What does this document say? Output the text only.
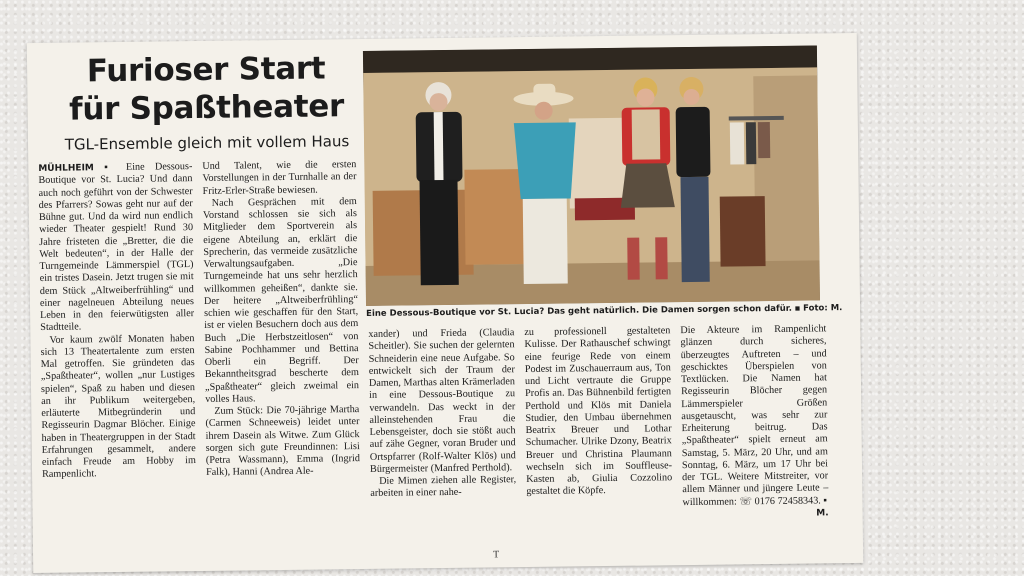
Furioser Start
für Spaßtheater
TGL-Ensemble gleich mit vollem Haus
Eine Dessous-Boutique vor St. Lucia? Das geht natürlich. Die Damen sorgen schon dafür. ▪ Foto: M.

MÜHLHEIM ▪ Eine Dessous-Boutique vor St. Lucia? Und dann auch noch geführt von der Schwester des Pfarrers? Sowas geht nur auf der Bühne gut. Und da wird nun endlich wieder Theater gespielt! Rund 30 Jahre fristeten die „Bretter, die die Welt bedeuten“, in der Halle der Turngemeinde Lämmerspiel (TGL) ein tristes Dasein. Jetzt trugen sie mit dem Stück „Altweiberfrühling“ und einer nagelneuen Abteilung neues Leben in den feierwütigsten aller Stadtteile.

Vor kaum zwölf Monaten haben sich 13 Theatertalente zum ersten Mal getroffen. Sie gründeten das „Spaßtheater“, wollen „nur Lustiges spielen“, Spaß zu haben und diesen an ihr Publikum weitergeben, erläuterte Mitbegründerin und Regisseurin Dagmar Blöcher. Einige haben in Theatergruppen in der Stadt Erfahrungen gesammelt, andere einfach Freude am Hobby im Rampenlicht.

Und Talent, wie die ersten Vorstellungen in der Turnhalle an der Fritz-Erler-Straße bewiesen.

Nach Gesprächen mit dem Vorstand schlossen sie sich als Mitglieder dem Sportverein als eigene Abteilung an, erklärt die Sprecherin, das vermeide zusätzliche Verwaltungsaufgaben. „Die Turngemeinde hat uns sehr herzlich willkommen geheißen“, dankte sie. Der heitere „Altweiberfrühling“ schien wie geschaffen für den Start, ist er vielen Besuchern doch aus dem Buch „Die Herbstzeitlosen“ von Sabine Pochhammer und Bettina Oberli ein Begriff. Der Bekanntheitsgrad bescherte dem „Spaßtheater“ gleich zweimal ein volles Haus.

Zum Stück: Die 70-jährige Martha (Carmen Schneeweis) leidet unter ihrem Dasein als Witwe. Zum Glück sorgen sich gute Freundinnen: Lisi (Petra Wassmann), Emma (Ingrid Falk), Hanni (Andrea Ale-

xander) und Frieda (Claudia Scheitler). Sie suchen der gelernten Schneiderin eine neue Aufgabe. So entwickelt sich der Traum der Damen, Marthas alten Krämerladen in eine Dessous-Boutique zu verwandeln. Das weckt in der alleinstehenden Frau die Lebensgeister, doch sie stößt auch auf zähe Gegner, voran Bruder und Ortspfarrer (Rolf-Walter Klös) und Bürgermeister (Manfred Perthold).

Die Mimen ziehen alle Register, arbeiten in einer nahe-

zu professionell gestalteten Kulisse. Der Rathauschef schwingt eine feurige Rede von einem Podest im Zuschauerraum aus, Ton und Licht vertraute die Gruppe Profis an. Das Bühnenbild fertigten Perthold und Klös mit Daniela Studier, den Umbau übernehmen Beatrix Breuer und Lothar Schumacher. Ulrike Dzony, Beatrix Breuer und Christina Plaumann wechseln sich im Souffleuse-Kasten ab, Giulia Cozzolino gestaltet die Köpfe.

Die Akteure im Rampenlicht glänzen durch sicheres, überzeugtes Auftreten – und geschicktes Überspielen von Textlücken. Die Namen hat Regisseurin Blöcher gegen Lämmerspieler Größen ausgetauscht, was sehr zur Erheiterung beitrug. Das „Spaßtheater“ spielt erneut am Samstag, 5. März, 20 Uhr, und am Sonntag, 6. März, um 17 Uhr bei der TGL. Weitere Mitstreiter, vor allem Männer und jüngere Leute – willkommen: ☏ 0176 72458343. ▪
M.

T
